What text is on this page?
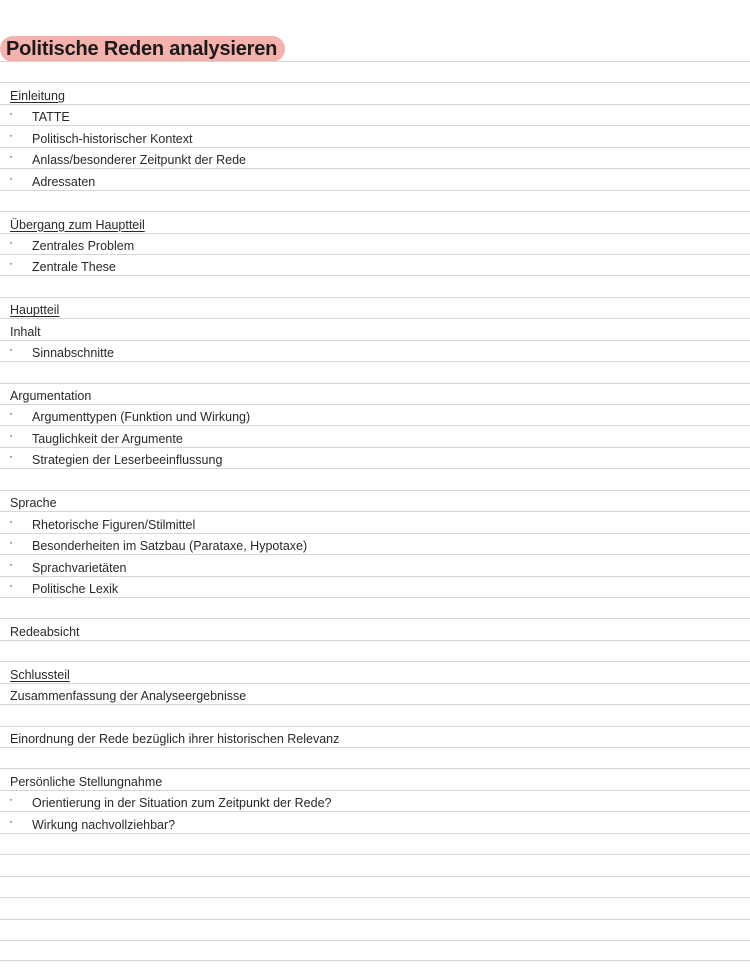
Politische Reden analysieren
Einleitung
· TATTE
· Politisch-historischer Kontext
· Anlass/besonderer Zeitpunkt der Rede
· Adressaten
Übergang zum Hauptteil
· Zentrales Problem
· Zentrale These
Hauptteil
Inhalt
· Sinnabschnitte
Argumentation
· Argumenttypen (Funktion und Wirkung)
· Tauglichkeit der Argumente
· Strategien der Leserbeeinflussung
Sprache
· Rhetorische Figuren/Stilmittel
· Besonderheiten im Satzbau (Parataxe, Hypotaxe)
· Sprachvarietäten
· Politische Lexik
Redeabsicht
Schlussteil
Zusammenfassung der Analyseergebnisse
Einordnung der Rede bezüglich ihrer historischen Relevanz
Persönliche Stellungnahme
· Orientierung in der Situation zum Zeitpunkt der Rede?
· Wirkung nachvollziehbar?
